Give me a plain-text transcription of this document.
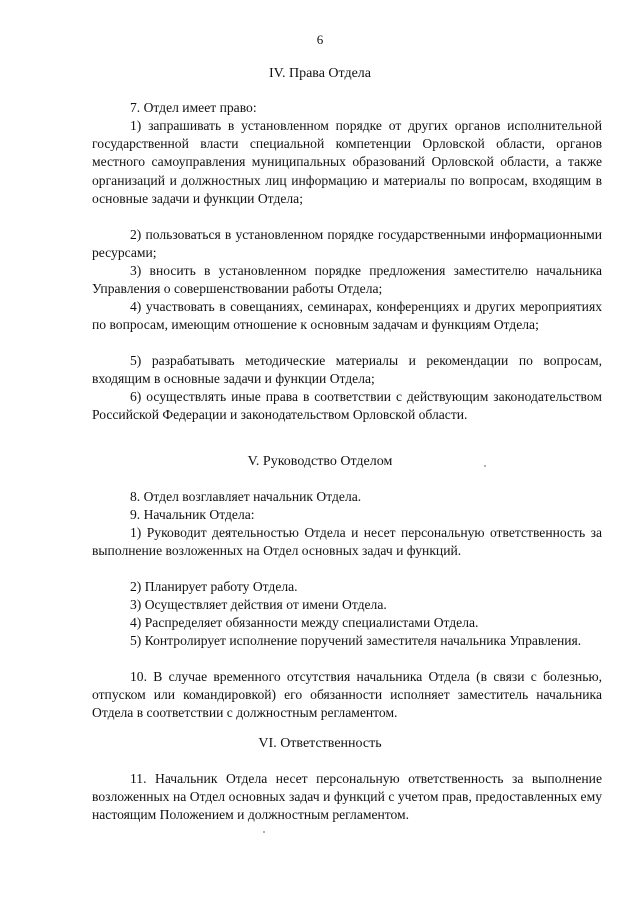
6
IV. Права Отдела
7. Отдел имеет право:
1) запрашивать в установленном порядке от других органов исполнительной государственной власти специальной компетенции Орловской области, органов местного самоуправления муниципальных образований Орловской области, а также организаций и должностных лиц информацию и материалы по вопросам, входящим в основные задачи и функции Отдела;
2) пользоваться в установленном порядке государственными информационными ресурсами;
3) вносить в установленном порядке предложения заместителю начальника Управления о совершенствовании работы Отдела;
4) участвовать в совещаниях, семинарах, конференциях и других мероприятиях по вопросам, имеющим отношение к основным задачам и функциям Отдела;
5) разрабатывать методические материалы и рекомендации по вопросам, входящим в основные задачи и функции Отдела;
6) осуществлять иные права в соответствии с действующим законодательством Российской Федерации и законодательством Орловской области.
V. Руководство Отделом
8. Отдел возглавляет начальник Отдела.
9. Начальник Отдела:
1) Руководит деятельностью Отдела и несет персональную ответственность за выполнение возложенных на Отдел основных задач и функций.
2) Планирует работу Отдела.
3) Осуществляет действия от имени Отдела.
4) Распределяет обязанности между специалистами Отдела.
5) Контролирует исполнение поручений заместителя начальника Управления.
10. В случае временного отсутствия начальника Отдела (в связи с болезнью, отпуском или командировкой) его обязанности исполняет заместитель начальника Отдела в соответствии с должностным регламентом.
VI. Ответственность
11. Начальник Отдела несет персональную ответственность за выполнение возложенных на Отдел основных задач и функций с учетом прав, предоставленных ему настоящим Положением и должностным регламентом.
